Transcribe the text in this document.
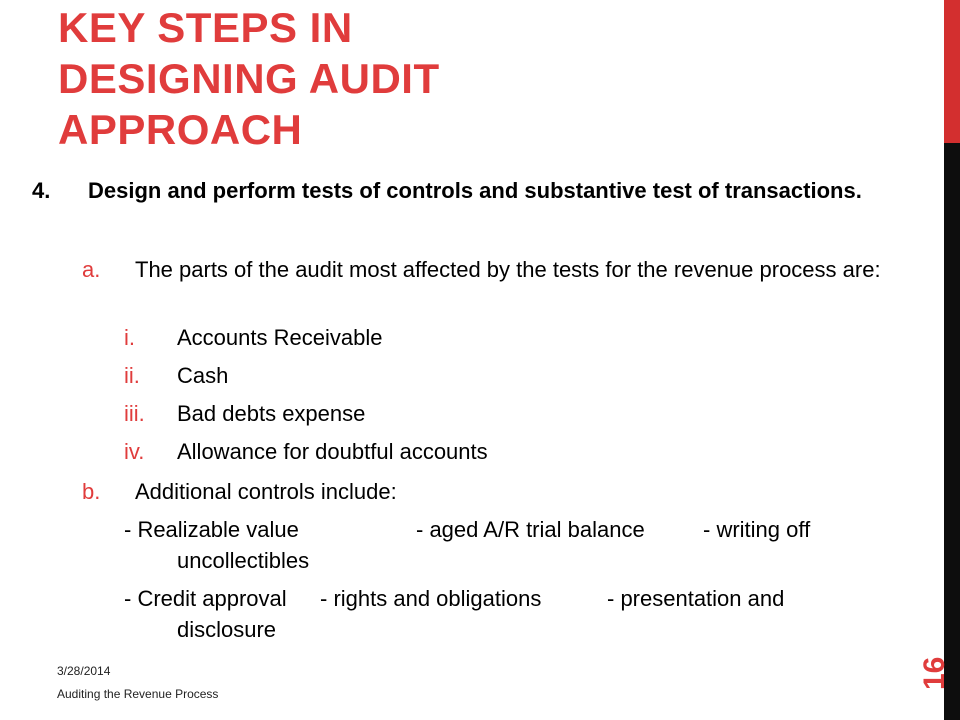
KEY STEPS IN
DESIGNING AUDIT
APPROACH
16
4.	Design and perform tests of controls and substantive test of transactions.
a. The parts of the audit most affected by the tests for the revenue process are:
i. Accounts Receivable
ii. Cash
iii. Bad debts expense
iv. Allowance for doubtful accounts
b. Additional controls include:
- Realizable value	- aged A/R trial balance	- writing off
uncollectibles
- Credit approval - rights and obligations	- presentation and
disclosure
3/28/2014
Auditing the Revenue Process
